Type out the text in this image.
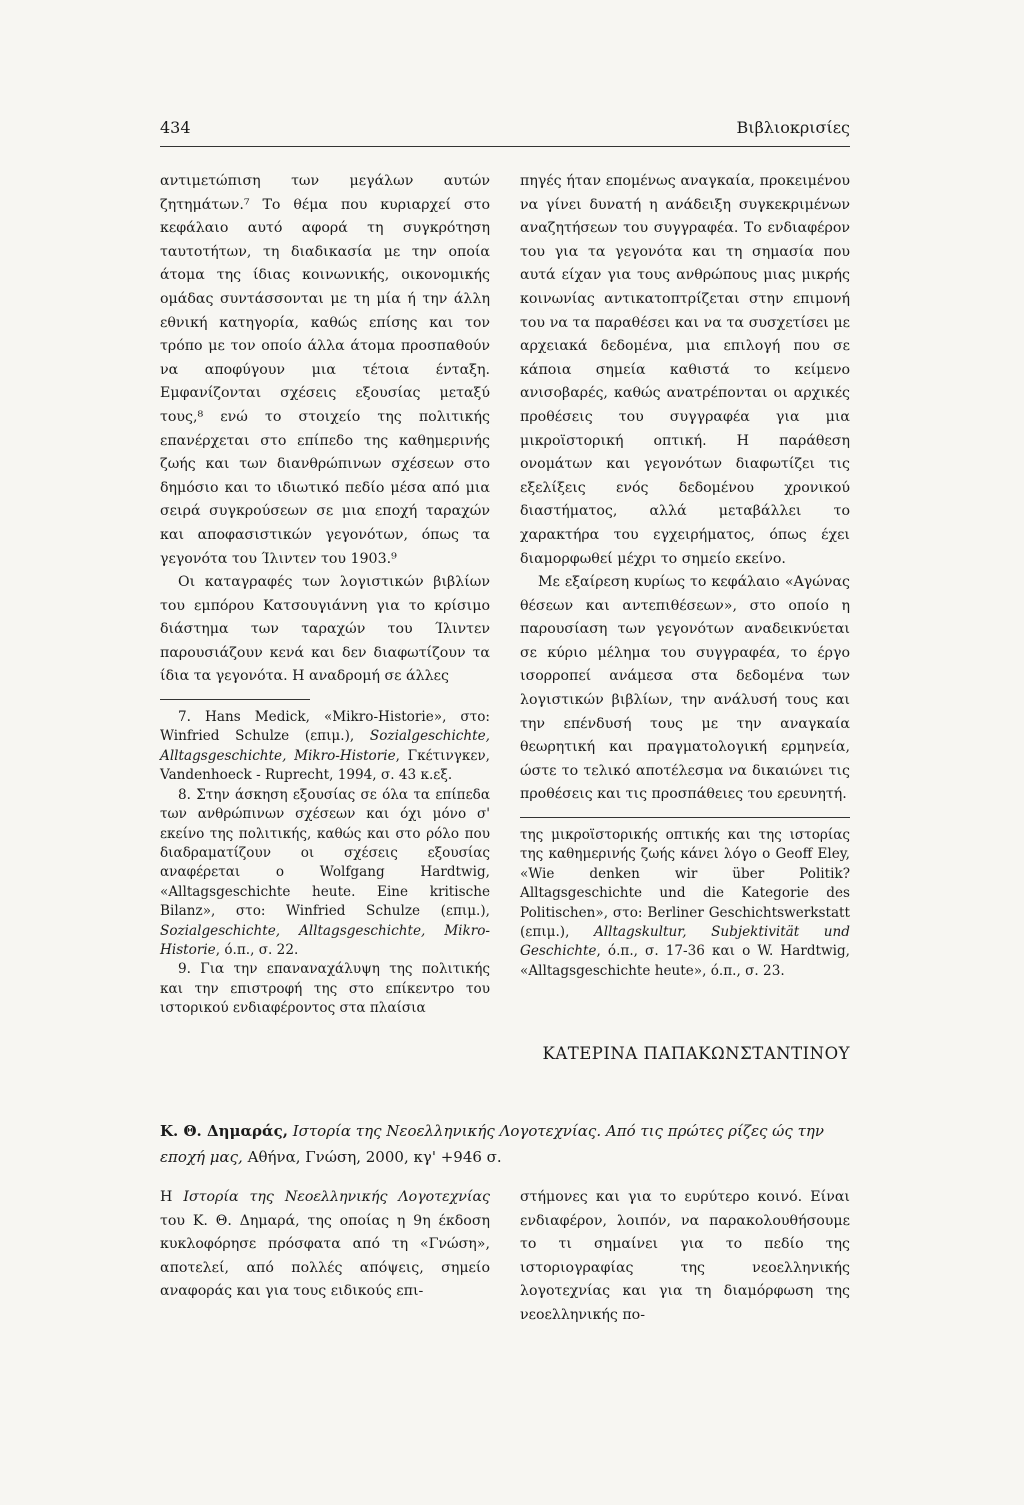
434	Βιβλιοκρισίες

αντιμετώπιση των μεγάλων αυτών ζητημάτων.⁷ Το θέμα που κυριαρχεί στο κεφάλαιο αυτό αφορά τη συγκρότηση ταυτοτήτων, τη διαδικασία με την οποία άτομα της ίδιας κοινωνικής, οικονομικής ομάδας συντάσσονται με τη μία ή την άλλη εθνική κατηγορία, καθώς επίσης και τον τρόπο με τον οποίο άλλα άτομα προσπαθούν να αποφύγουν μια τέτοια ένταξη. Εμφανίζονται σχέσεις εξουσίας μεταξύ τους,⁸ ενώ το στοιχείο της πολιτικής επανέρχεται στο επίπεδο της καθημερινής ζωής και των διανθρώπινων σχέσεων στο δημόσιο και το ιδιωτικό πεδίο μέσα από μια σειρά συγκρούσεων σε μια εποχή ταραχών και αποφασιστικών γεγονότων, όπως τα γεγονότα του Ίλιντεν του 1903.⁹

Οι καταγραφές των λογιστικών βιβλίων του εμπόρου Κατσουγιάννη για το κρίσιμο διάστημα των ταραχών του Ίλιντεν παρουσιάζουν κενά και δεν διαφωτίζουν τα ίδια τα γεγονότα. Η αναδρομή σε άλλες

7. Hans Medick, «Mikro-Historie», στο: Winfried Schulze (επιμ.), Sozialgeschichte, Alltagsgeschichte, Mikro-Historie, Γκέτινγκεν, Vandenhoeck - Ruprecht, 1994, σ. 43 κ.εξ.

8. Στην άσκηση εξουσίας σε όλα τα επίπεδα των ανθρώπινων σχέσεων και όχι μόνο σ' εκείνο της πολιτικής, καθώς και στο ρόλο που διαδραματίζουν οι σχέσεις εξουσίας αναφέρεται ο Wolfgang Hardtwig, «Alltagsgeschichte heute. Eine kritische Bilanz», στο: Winfried Schulze (επιμ.), Sozialgeschichte, Alltagsgeschichte, Mikro-Historie, ό.π., σ. 22.

9. Για την επαναναχάλυψη της πολιτικής και την επιστροφή της στο επίκεντρο του ιστορικού ενδιαφέροντος στα πλαίσια

πηγές ήταν επομένως αναγκαία, προκειμένου να γίνει δυνατή η ανάδειξη συγκεκριμένων αναζητήσεων του συγγραφέα. Το ενδιαφέρον του για τα γεγονότα και τη σημασία που αυτά είχαν για τους ανθρώπους μιας μικρής κοινωνίας αντικατοπτρίζεται στην επιμονή του να τα παραθέσει και να τα συσχετίσει με αρχειακά δεδομένα, μια επιλογή που σε κάποια σημεία καθιστά το κείμενο ανισοβαρές, καθώς ανατρέπονται οι αρχικές προθέσεις του συγγραφέα για μια μικροϊστορική οπτική. Η παράθεση ονομάτων και γεγονότων διαφωτίζει τις εξελίξεις ενός δεδομένου χρονικού διαστήματος, αλλά μεταβάλλει το χαρακτήρα του εγχειρήματος, όπως έχει διαμορφωθεί μέχρι το σημείο εκείνο.

Με εξαίρεση κυρίως το κεφάλαιο «Αγώνας θέσεων και αντεπιθέσεων», στο οποίο η παρουσίαση των γεγονότων αναδεικνύεται σε κύριο μέλημα του συγγραφέα, το έργο ισορροπεί ανάμεσα στα δεδομένα των λογιστικών βιβλίων, την ανάλυσή τους και την επένδυσή τους με την αναγκαία θεωρητική και πραγματολογική ερμηνεία, ώστε το τελικό αποτέλεσμα να δικαιώνει τις προθέσεις και τις προσπάθειες του ερευνητή.

της μικροϊστορικής οπτικής και της ιστορίας της καθημερινής ζωής κάνει λόγο ο Geoff Eley, «Wie denken wir über Politik? Alltagsgeschichte und die Kategorie des Politischen», στο: Berliner Geschichtswerkstatt (επιμ.), Alltagskultur, Subjektivität und Geschichte, ό.π., σ. 17-36 και ο W. Hardtwig, «Alltagsgeschichte heute», ό.π., σ. 23.

ΚΑΤΕΡΙΝΑ ΠΑΠΑΚΩΝΣΤΑΝΤΙΝΟΥ
Κ. Θ. Δημαράς, Ιστορία της Νεοελληνικής Λογοτεχνίας. Από τις πρώτες ρίζες ώς την εποχή μας, Αθήνα, Γνώση, 2000, κγ' +946 σ.

Η Ιστορία της Νεοελληνικής Λογοτεχνίας του Κ. Θ. Δημαρά, της οποίας η 9η έκδοση κυκλοφόρησε πρόσφατα από τη «Γνώση», αποτελεί, από πολλές απόψεις, σημείο αναφοράς και για τους ειδικούς επι-

στήμονες και για το ευρύτερο κοινό. Είναι ενδιαφέρον, λοιπόν, να παρακολουθήσουμε το τι σημαίνει για το πεδίο της ιστοριογραφίας της νεοελληνικής λογοτεχνίας και για τη διαμόρφωση της νεοελληνικής πο-
